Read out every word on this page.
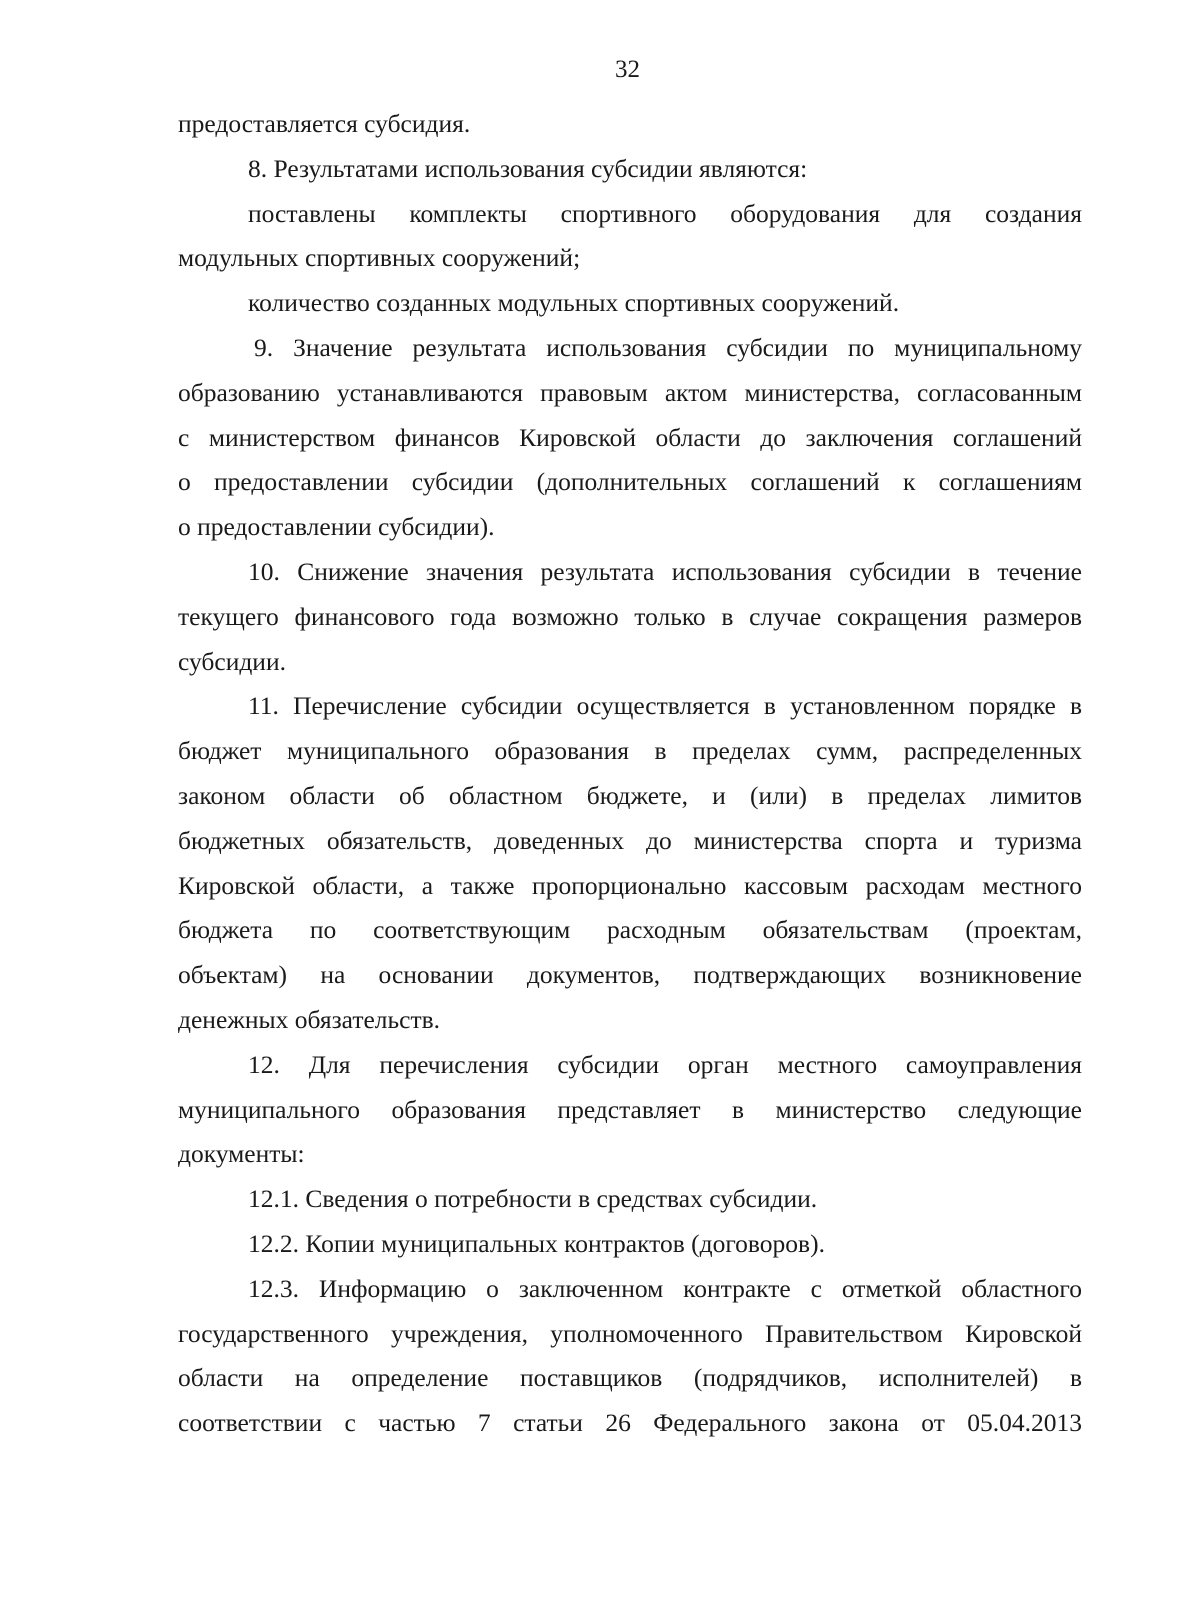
32
предоставляется субсидия.
8. Результатами использования субсидии являются:
поставлены комплекты спортивного оборудования для создания
модульных спортивных сооружений;
количество созданных модульных спортивных сооружений.
9. Значение результата использования субсидии по муниципальному
образованию устанавливаются правовым актом министерства, согласованным
с министерством финансов Кировской области до заключения соглашений
о предоставлении субсидии (дополнительных соглашений к соглашениям
о предоставлении субсидии).
10. Снижение значения результата использования субсидии в течение
текущего финансового года возможно только в случае сокращения размеров
субсидии.
11. Перечисление субсидии осуществляется в установленном порядке в
бюджет муниципального образования в пределах сумм, распределенных
законом области об областном бюджете, и (или) в пределах лимитов
бюджетных обязательств, доведенных до министерства спорта и туризма
Кировской области, а также пропорционально кассовым расходам местного
бюджета по соответствующим расходным обязательствам (проектам,
объектам) на основании документов, подтверждающих возникновение
денежных обязательств.
12. Для перечисления субсидии орган местного самоуправления
муниципального образования представляет в министерство следующие
документы:
12.1. Сведения о потребности в средствах субсидии.
12.2. Копии муниципальных контрактов (договоров).
12.3. Информацию о заключенном контракте с отметкой областного
государственного учреждения, уполномоченного Правительством Кировской
области на определение поставщиков (подрядчиков, исполнителей) в
соответствии с частью 7 статьи 26 Федерального закона от 05.04.2013
